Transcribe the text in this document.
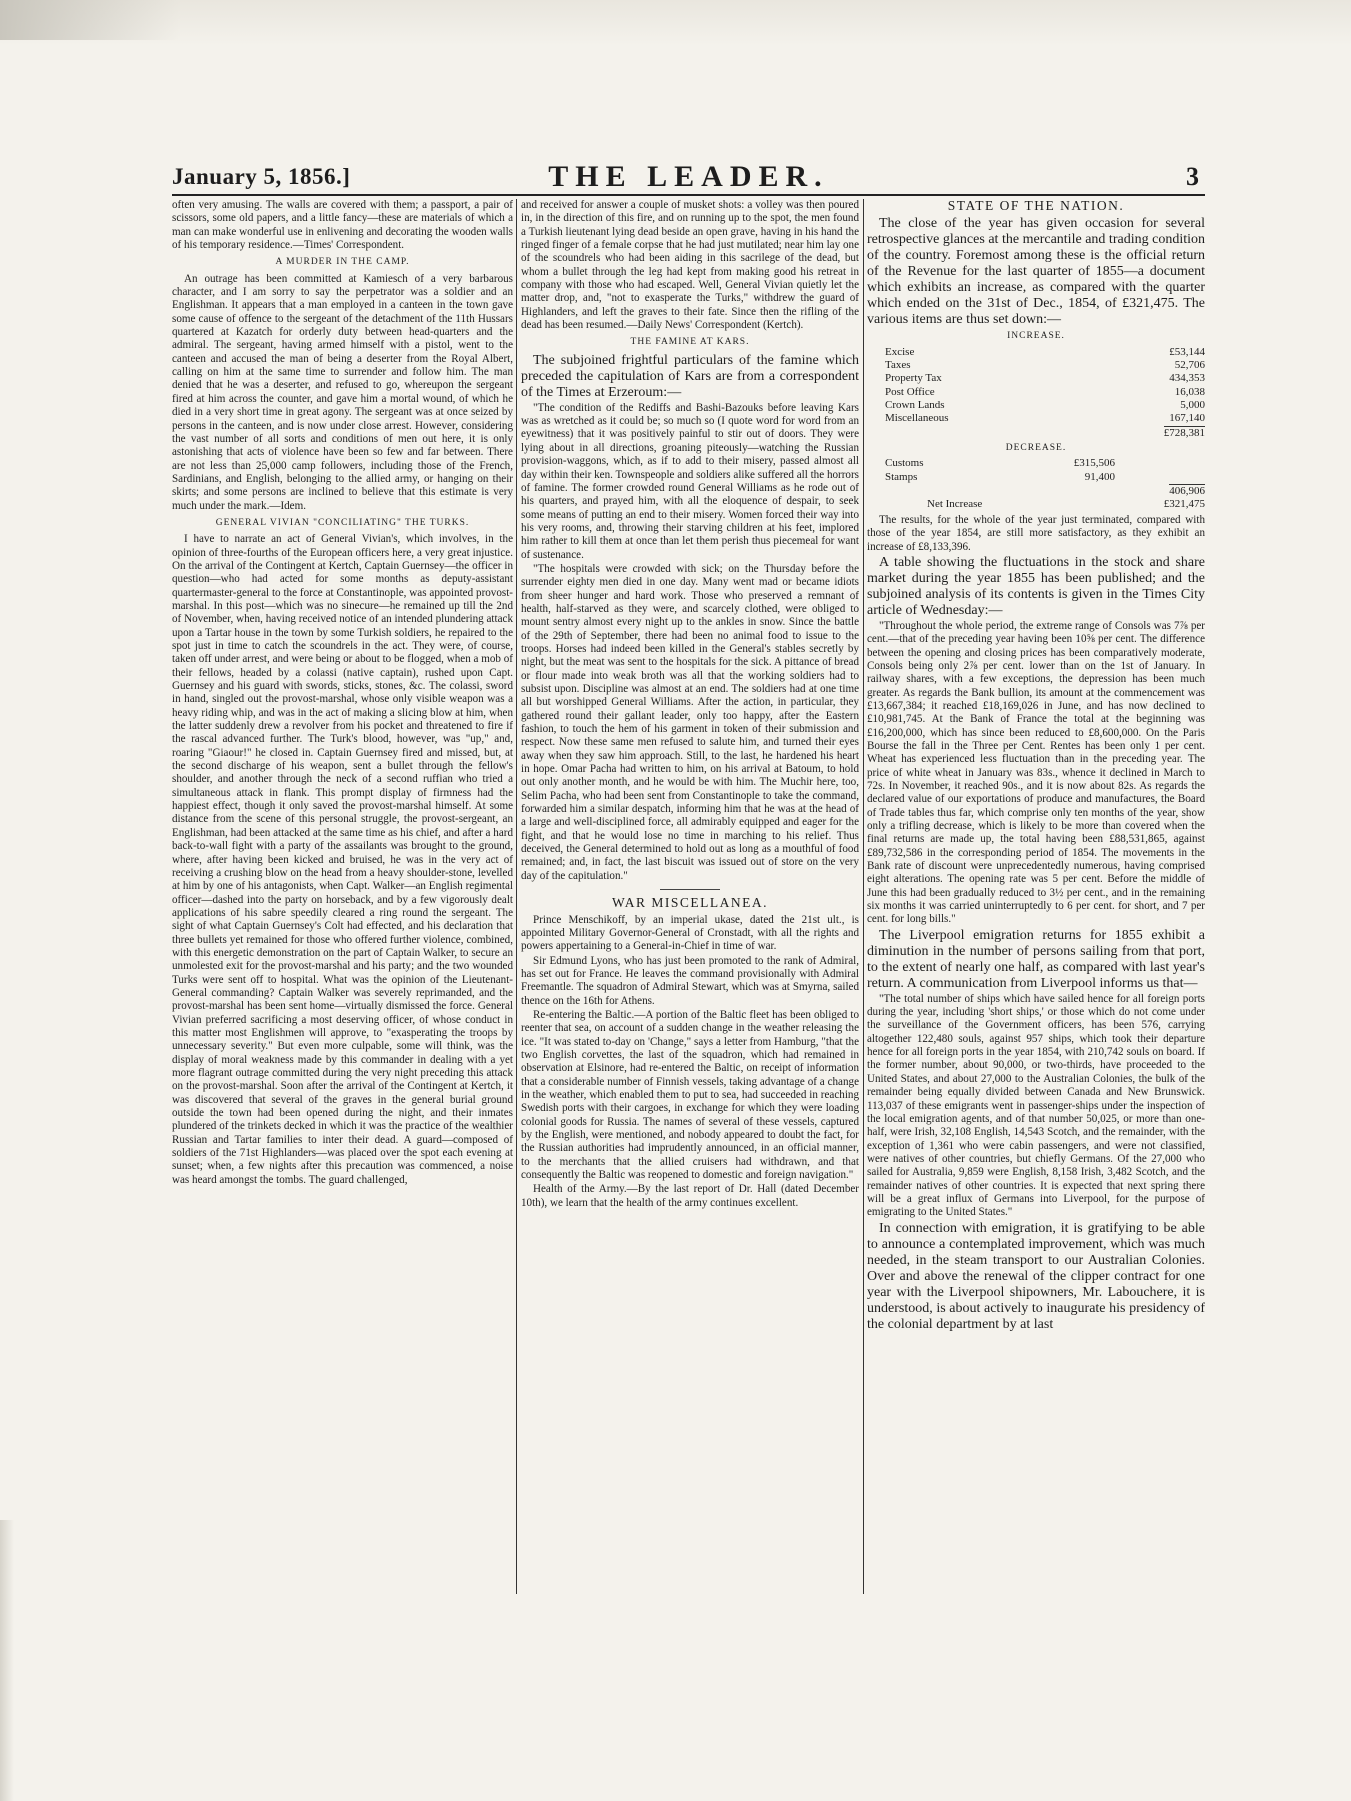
January 5, 1856.]	THE LEADER.	3

often very amusing. The walls are covered with them; a passport, a pair of scissors, some old papers, and a little fancy—these are materials of which a man can make wonderful use in enlivening and decorating the wooden walls of his temporary residence.—Times' Correspondent.

A MURDER IN THE CAMP.

An outrage has been committed at Kamiesch of a very barbarous character, and I am sorry to say the perpetrator was a soldier and an Englishman. It appears that a man employed in a canteen in the town gave some cause of offence to the sergeant of the detachment of the 11th Hussars quartered at Kazatch for orderly duty between head-quarters and the admiral. The sergeant, having armed himself with a pistol, went to the canteen and accused the man of being a deserter from the Royal Albert, calling on him at the same time to surrender and follow him. The man denied that he was a deserter, and refused to go, whereupon the sergeant fired at him across the counter, and gave him a mortal wound, of which he died in a very short time in great agony. The sergeant was at once seized by persons in the canteen, and is now under close arrest. However, considering the vast number of all sorts and conditions of men out here, it is only astonishing that acts of violence have been so few and far between. There are not less than 25,000 camp followers, including those of the French, Sardinians, and English, belonging to the allied army, or hanging on their skirts; and some persons are inclined to believe that this estimate is very much under the mark.—Idem.

GENERAL VIVIAN "CONCILIATING" THE TURKS.

I have to narrate an act of General Vivian's, which involves, in the opinion of three-fourths of the European officers here, a very great injustice. On the arrival of the Contingent at Kertch, Captain Guernsey—the officer in question—who had acted for some months as deputy-assistant quartermaster-general to the force at Constantinople, was appointed provost-marshal. In this post—which was no sinecure—he remained up till the 2nd of November, when, having received notice of an intended plundering attack upon a Tartar house in the town by some Turkish soldiers, he repaired to the spot just in time to catch the scoundrels in the act. They were, of course, taken off under arrest, and were being or about to be flogged, when a mob of their fellows, headed by a colassi (native captain), rushed upon Capt. Guernsey and his guard with swords, sticks, stones, &c. The colassi, sword in hand, singled out the provost-marshal, whose only visible weapon was a heavy riding whip, and was in the act of making a slicing blow at him, when the latter suddenly drew a revolver from his pocket and threatened to fire if the rascal advanced further. The Turk's blood, however, was "up," and, roaring "Giaour!" he closed in. Captain Guernsey fired and missed, but, at the second discharge of his weapon, sent a bullet through the fellow's shoulder, and another through the neck of a second ruffian who tried a simultaneous attack in flank. This prompt display of firmness had the happiest effect, though it only saved the provost-marshal himself. At some distance from the scene of this personal struggle, the provost-sergeant, an Englishman, had been attacked at the same time as his chief, and after a hard back-to-wall fight with a party of the assailants was brought to the ground, where, after having been kicked and bruised, he was in the very act of receiving a crushing blow on the head from a heavy shoulder-stone, levelled at him by one of his antagonists, when Capt. Walker—an English regimental officer—dashed into the party on horseback, and by a few vigorously dealt applications of his sabre speedily cleared a ring round the sergeant. The sight of what Captain Guernsey's Colt had effected, and his declaration that three bullets yet remained for those who offered further violence, combined, with this energetic demonstration on the part of Captain Walker, to secure an unmolested exit for the provost-marshal and his party; and the two wounded Turks were sent off to hospital. What was the opinion of the Lieutenant-General commanding? Captain Walker was severely reprimanded, and the provost-marshal has been sent home—virtually dismissed the force. General Vivian preferred sacrificing a most deserving officer, of whose conduct in this matter most Englishmen will approve, to "exasperating the troops by unnecessary severity." But even more culpable, some will think, was the display of moral weakness made by this commander in dealing with a yet more flagrant outrage committed during the very night preceding this attack on the provost-marshal. Soon after the arrival of the Contingent at Kertch, it was discovered that several of the graves in the general burial ground outside the town had been opened during the night, and their inmates plundered of the trinkets decked in which it was the practice of the wealthier Russian and Tartar families to inter their dead. A guard—composed of soldiers of the 71st Highlanders—was placed over the spot each evening at sunset; when, a few nights after this precaution was commenced, a noise was heard amongst the tombs. The guard challenged,

and received for answer a couple of musket shots: a volley was then poured in, in the direction of this fire, and on running up to the spot, the men found a Turkish lieutenant lying dead beside an open grave, having in his hand the ringed finger of a female corpse that he had just mutilated; near him lay one of the scoundrels who had been aiding in this sacrilege of the dead, but whom a bullet through the leg had kept from making good his retreat in company with those who had escaped. Well, General Vivian quietly let the matter drop, and, "not to exasperate the Turks," withdrew the guard of Highlanders, and left the graves to their fate. Since then the rifling of the dead has been resumed.—Daily News' Correspondent (Kertch).

THE FAMINE AT KARS.

The subjoined frightful particulars of the famine which preceded the capitulation of Kars are from a correspondent of the Times at Erzeroum:—

"The condition of the Rediffs and Bashi-Bazouks before leaving Kars was as wretched as it could be; so much so (I quote word for word from an eyewitness) that it was positively painful to stir out of doors. They were lying about in all directions, groaning piteously—watching the Russian provision-waggons, which, as if to add to their misery, passed almost all day within their ken. Townspeople and soldiers alike suffered all the horrors of famine. The former crowded round General Williams as he rode out of his quarters, and prayed him, with all the eloquence of despair, to seek some means of putting an end to their misery. Women forced their way into his very rooms, and, throwing their starving children at his feet, implored him rather to kill them at once than let them perish thus piecemeal for want of sustenance.

"The hospitals were crowded with sick; on the Thursday before the surrender eighty men died in one day. Many went mad or became idiots from sheer hunger and hard work. Those who preserved a remnant of health, half-starved as they were, and scarcely clothed, were obliged to mount sentry almost every night up to the ankles in snow. Since the battle of the 29th of September, there had been no animal food to issue to the troops. Horses had indeed been killed in the General's stables secretly by night, but the meat was sent to the hospitals for the sick. A pittance of bread or flour made into weak broth was all that the working soldiers had to subsist upon. Discipline was almost at an end. The soldiers had at one time all but worshipped General Williams. After the action, in particular, they gathered round their gallant leader, only too happy, after the Eastern fashion, to touch the hem of his garment in token of their submission and respect. Now these same men refused to salute him, and turned their eyes away when they saw him approach. Still, to the last, he hardened his heart in hope. Omar Pacha had written to him, on his arrival at Batoum, to hold out only another month, and he would be with him. The Muchir here, too, Selim Pacha, who had been sent from Constantinople to take the command, forwarded him a similar despatch, informing him that he was at the head of a large and well-disciplined force, all admirably equipped and eager for the fight, and that he would lose no time in marching to his relief. Thus deceived, the General determined to hold out as long as a mouthful of food remained; and, in fact, the last biscuit was issued out of store on the very day of the capitulation."

WAR MISCELLANEA.

Prince Menschikoff, by an imperial ukase, dated the 21st ult., is appointed Military Governor-General of Cronstadt, with all the rights and powers appertaining to a General-in-Chief in time of war.

Sir Edmund Lyons, who has just been promoted to the rank of Admiral, has set out for France. He leaves the command provisionally with Admiral Freemantle. The squadron of Admiral Stewart, which was at Smyrna, sailed thence on the 16th for Athens.

Re-entering the Baltic.—A portion of the Baltic fleet has been obliged to reenter that sea, on account of a sudden change in the weather releasing the ice. "It was stated to-day on 'Change," says a letter from Hamburg, "that the two English corvettes, the last of the squadron, which had remained in observation at Elsinore, had re-entered the Baltic, on receipt of information that a considerable number of Finnish vessels, taking advantage of a change in the weather, which enabled them to put to sea, had succeeded in reaching Swedish ports with their cargoes, in exchange for which they were loading colonial goods for Russia. The names of several of these vessels, captured by the English, were mentioned, and nobody appeared to doubt the fact, for the Russian authorities had imprudently announced, in an official manner, to the merchants that the allied cruisers had withdrawn, and that consequently the Baltic was reopened to domestic and foreign navigation."

Health of the Army.—By the last report of Dr. Hall (dated December 10th), we learn that the health of the army continues excellent.

STATE OF THE NATION.

The close of the year has given occasion for several retrospective glances at the mercantile and trading condition of the country. Foremost among these is the official return of the Revenue for the last quarter of 1855—a document which exhibits an increase, as compared with the quarter which ended on the 31st of Dec., 1854, of £321,475. The various items are thus set down:—

INCREASE.
Excise	£53,144
Taxes	52,706
Property Tax	434,353
Post Office	16,038
Crown Lands	5,000
Miscellaneous	167,140
£728,381
DECREASE.
Customs	£315,506
Stamps	91,400
406,906
Net Increase	£321,475

The results, for the whole of the year just terminated, compared with those of the year 1854, are still more satisfactory, as they exhibit an increase of £8,133,396.

A table showing the fluctuations in the stock and share market during the year 1855 has been published; and the subjoined analysis of its contents is given in the Times City article of Wednesday:—

"Throughout the whole period, the extreme range of Consols was 7⅞ per cent.—that of the preceding year having been 10⅝ per cent. The difference between the opening and closing prices has been comparatively moderate, Consols being only 2⅞ per cent. lower than on the 1st of January. In railway shares, with a few exceptions, the depression has been much greater. As regards the Bank bullion, its amount at the commencement was £13,667,384; it reached £18,169,026 in June, and has now declined to £10,981,745. At the Bank of France the total at the beginning was £16,200,000, which has since been reduced to £8,600,000. On the Paris Bourse the fall in the Three per Cent. Rentes has been only 1 per cent. Wheat has experienced less fluctuation than in the preceding year. The price of white wheat in January was 83s., whence it declined in March to 72s. In November, it reached 90s., and it is now about 82s. As regards the declared value of our exportations of produce and manufactures, the Board of Trade tables thus far, which comprise only ten months of the year, show only a trifling decrease, which is likely to be more than covered when the final returns are made up, the total having been £88,531,865, against £89,732,586 in the corresponding period of 1854. The movements in the Bank rate of discount were unprecedentedly numerous, having comprised eight alterations. The opening rate was 5 per cent. Before the middle of June this had been gradually reduced to 3½ per cent., and in the remaining six months it was carried uninterruptedly to 6 per cent. for short, and 7 per cent. for long bills."

The Liverpool emigration returns for 1855 exhibit a diminution in the number of persons sailing from that port, to the extent of nearly one half, as compared with last year's return. A communication from Liverpool informs us that—

"The total number of ships which have sailed hence for all foreign ports during the year, including 'short ships,' or those which do not come under the surveillance of the Government officers, has been 576, carrying altogether 122,480 souls, against 957 ships, which took their departure hence for all foreign ports in the year 1854, with 210,742 souls on board. If the former number, about 90,000, or two-thirds, have proceeded to the United States, and about 27,000 to the Australian Colonies, the bulk of the remainder being equally divided between Canada and New Brunswick. 113,037 of these emigrants went in passenger-ships under the inspection of the local emigration agents, and of that number 50,025, or more than one-half, were Irish, 32,108 English, 14,543 Scotch, and the remainder, with the exception of 1,361 who were cabin passengers, and were not classified, were natives of other countries, but chiefly Germans. Of the 27,000 who sailed for Australia, 9,859 were English, 8,158 Irish, 3,482 Scotch, and the remainder natives of other countries. It is expected that next spring there will be a great influx of Germans into Liverpool, for the purpose of emigrating to the United States."

In connection with emigration, it is gratifying to be able to announce a contemplated improvement, which was much needed, in the steam transport to our Australian Colonies. Over and above the renewal of the clipper contract for one year with the Liverpool shipowners, Mr. Labouchere, it is understood, is about actively to inaugurate his presidency of the colonial department by at last
